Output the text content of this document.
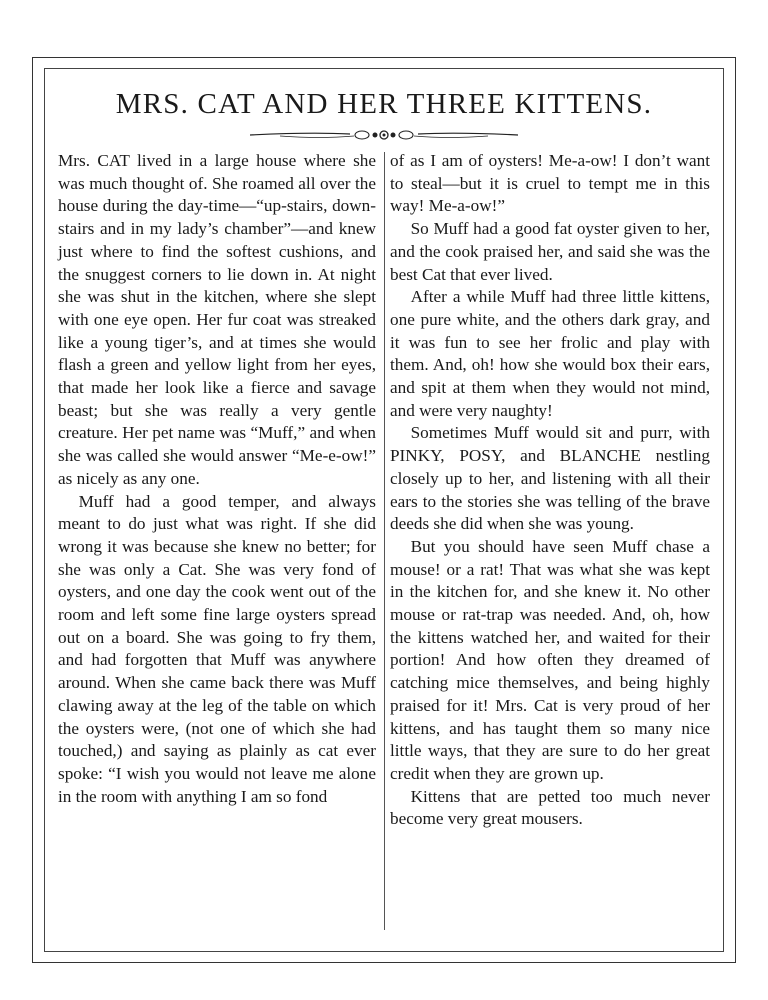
MRS. CAT AND HER THREE KITTENS.

Mrs. CAT lived in a large house where she was much thought of. She roamed all over the house during the day-time—“up-stairs, down-stairs and in my lady’s chamber”—and knew just where to find the softest cushions, and the snuggest corners to lie down in. At night she was shut in the kitchen, where she slept with one eye open. Her fur coat was streaked like a young tiger’s, and at times she would flash a green and yellow light from her eyes, that made her look like a fierce and savage beast; but she was really a very gentle creature. Her pet name was “Muff,” and when she was called she would answer “Me-e-ow!” as nicely as any one.

Muff had a good temper, and always meant to do just what was right. If she did wrong it was because she knew no better; for she was only a Cat. She was very fond of oysters, and one day the cook went out of the room and left some fine large oysters spread out on a board. She was going to fry them, and had forgotten that Muff was anywhere around. When she came back there was Muff clawing away at the leg of the table on which the oysters were, (not one of which she had touched,) and saying as plainly as cat ever spoke: “I wish you would not leave me alone in the room with anything I am so fond

of as I am of oysters! Me-a-ow! I don’t want to steal—but it is cruel to tempt me in this way! Me-a-ow!”

So Muff had a good fat oyster given to her, and the cook praised her, and said she was the best Cat that ever lived.

After a while Muff had three little kittens, one pure white, and the others dark gray, and it was fun to see her frolic and play with them. And, oh! how she would box their ears, and spit at them when they would not mind, and were very naughty!

Sometimes Muff would sit and purr, with PINKY, POSY, and BLANCHE nestling closely up to her, and listening with all their ears to the stories she was telling of the brave deeds she did when she was young.

But you should have seen Muff chase a mouse! or a rat! That was what she was kept in the kitchen for, and she knew it. No other mouse or rat-trap was needed. And, oh, how the kittens watched her, and waited for their portion! And how often they dreamed of catching mice themselves, and being highly praised for it! Mrs. Cat is very proud of her kittens, and has taught them so many nice little ways, that they are sure to do her great credit when they are grown up.

Kittens that are petted too much never become very great mousers.
